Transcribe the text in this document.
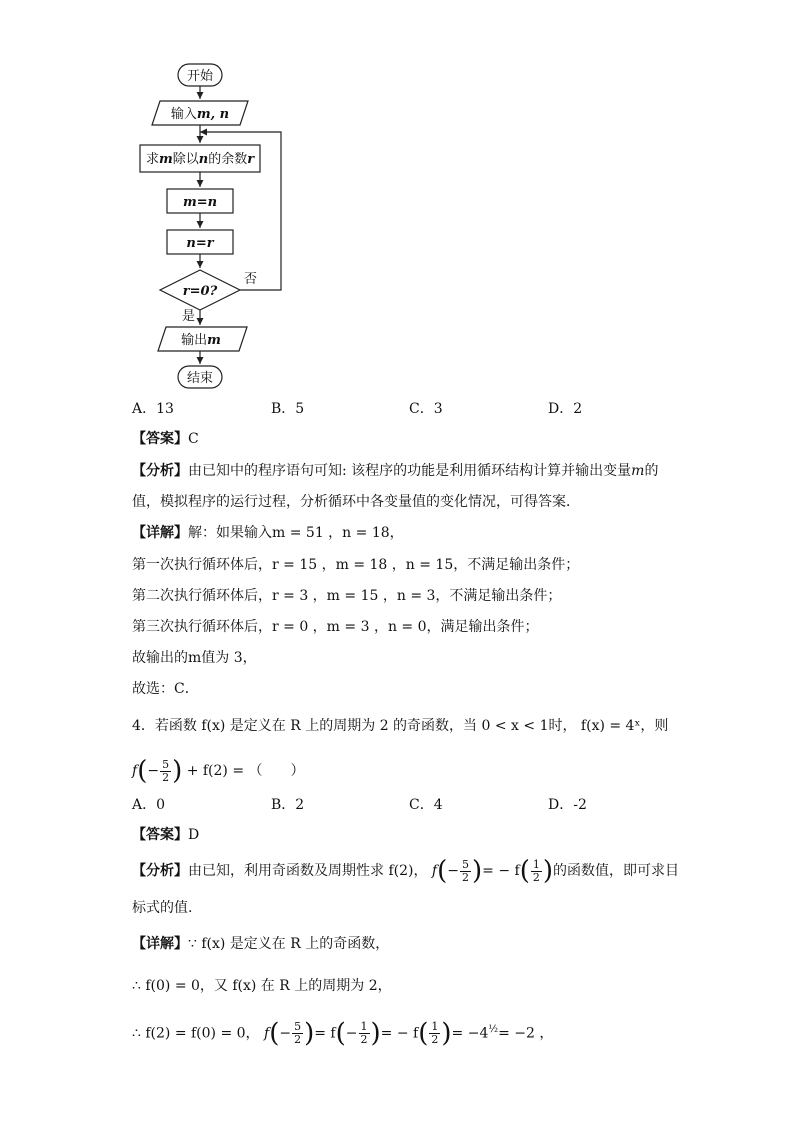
开始
输入m, n
求m除以n的余数r
m=n
n=r
r=0?
否
是
输出m
结束
A．13	B．5	C．3	D．2
【答案】C
【分析】由已知中的程序语句可知: 该程序的功能是利用循环结构计算并输出变量m的
值，模拟程序的运行过程，分析循环中各变量值的变化情况，可得答案．
【详解】解：如果输入m = 51 ，n = 18，
第一次执行循环体后，r = 15 ，m = 18 ，n = 15，不满足输出条件；
第二次执行循环体后，r = 3 ，m = 15 ，n = 3，不满足输出条件；
第三次执行循环体后，r = 0 ，m = 3 ，n = 0，满足输出条件；
故输出的m值为 3，
故选：C．
4．若函数 f(x) 是定义在 R 上的周期为 2 的奇函数，当 0 < x < 1时， f(x) = 4ˣ，则
$f(- \frac{5}{2}$ ) + f(2) = （　　）
A．0	B．2	C．4	D．-2
【答案】D
【分析】由已知，利用奇函数及周期性求 f(2)， $f(- \frac{5}{2}$ )= − $f( \frac{1}{2}$ )的函数值，即可求目
标式的值.
【详解】∵ f(x) 是定义在 R 上的奇函数，
∴ f(0) = 0，又 f(x) 在 R 上的周期为 2，
∴ f(2) = f(0) = 0， $f(- \frac{5}{2}$ )= $f(- \frac{1}{2}$ )= − $f( \frac{1}{2}$ )= $-4^{\frac{1}{2}}= -2$ ，
